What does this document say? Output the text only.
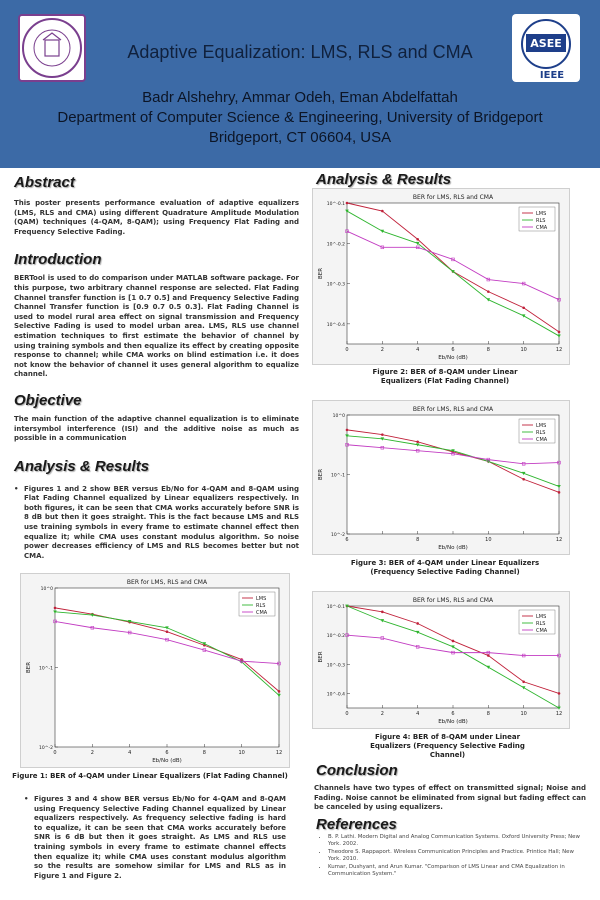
Adaptive Equalization: LMS, RLS and CMA	ASEE
IEEE
Badr Alshehry, Ammar Odeh, Eman Abdelfattah
Department of Computer Science & Engineering, University of Bridgeport
Bridgeport, CT 06604, USA
Abstract
This poster presents performance evaluation of adaptive equalizers (LMS, RLS and CMA) using different Quadrature Amplitude Modulation (QAM) techniques (4-QAM, 8-QAM); using Frequency Flat Fading and Frequency Selective Fading.
Introduction
BERTool is used to do comparison under MATLAB software package. For this purpose, two arbitrary channel response are selected. Flat Fading Channel transfer function is [1 0.7 0.5] and Frequency Selective Fading Channel Transfer function is [0.9 0.7 0.5 0.3]. Flat Fading Channel is used to model rural area effect on signal transmission and Frequency Selective Fading is used to model urban area. LMS, RLS use channel estimation techniques to first estimate the behavior of channel by using training symbols and then equalize its effect by creating opposite response to channel; while CMA works on blind estimation i.e. it does not know the behavior of channel it uses general algorithm to equalize channel.
Objective
The main function of the adaptive channel equalization is to eliminate intersymbol interference (ISI) and the additive noise as much as possible in a communication
Analysis & Results
• Figures 1 and 2 show BER versus Eb/No for 4-QAM and 8-QAM using Flat Fading Channel equalized by Linear equalizers respectively. In both figures, it can be seen that CMA works accurately before SNR is 8 dB but then it goes straight. This is the fact because LMS and RLS use training symbols in every frame to estimate channel effect then equalize it; while CMA uses constant modulus algorithm. So noise power decreases efficiency of LMS and RLS becomes better but not CMA.
BER for LMS, RLS and CMA
10^0
10^-1
10^-2
0	2	4	6	8	10	12
Eb/No (dB)
BER
LMS
RLS
CMA
Figure 1: BER of 4-QAM under Linear Equalizers (Flat Fading Channel)
• Figures 3 and 4 show BER versus Eb/No for 4-QAM and 8-QAM using Frequency Selective Fading Channel equalized by Linear equalizers respectively. As frequency selective fading is hard to equalize, it can be seen that CMA works accurately before SNR is 6 dB but then it goes straight. As LMS and RLS use training symbols in every frame to estimate channel effects then equalize it; while CMA uses constant modulus algorithm so the results are somehow similar for LMS and RLS as in Figure 1 and Figure 2.
Analysis & Results
BER for LMS, RLS and CMA
10^-0.1
10^-0.2
10^-0.3
10^-0.4
0	2	4	6	8	10	12
Eb/No (dB)
BER
LMS
RLS
CMA
Figure 2: BER of 8-QAM under Linear Equalizers (Flat Fading Channel)
BER for LMS, RLS and CMA
10^0
10^-1
10^-2
6	8	10	12
Eb/No (dB)
BER
LMS
RLS
CMA
Figure 3: BER of 4-QAM under Linear Equalizers (Frequency Selective Fading Channel)
BER for LMS, RLS and CMA
10^-0.1
10^-0.2
10^-0.3
10^-0.4
0	2	4	6	8	10	12
Eb/No (dB)
BER
LMS
RLS
CMA
Figure 4: BER of 8-QAM under Linear Equalizers (Frequency Selective Fading Channel)
Conclusion
Channels have two types of effect on transmitted signal; Noise and Fading. Noise cannot be eliminated from signal but fading effect can be canceled by using equalizers.
References
• B. P. Lathi. Modern Digital and Analog Communication Systems. Oxford University Press; New York. 2002.
• Theodore S. Rappaport. Wireless Communication Principles and Practice. Printice Hall; New York. 2010.
• Kumar, Dushyant, and Arun Kumar. "Comparison of LMS Linear and CMA Equalization in Communication System."
